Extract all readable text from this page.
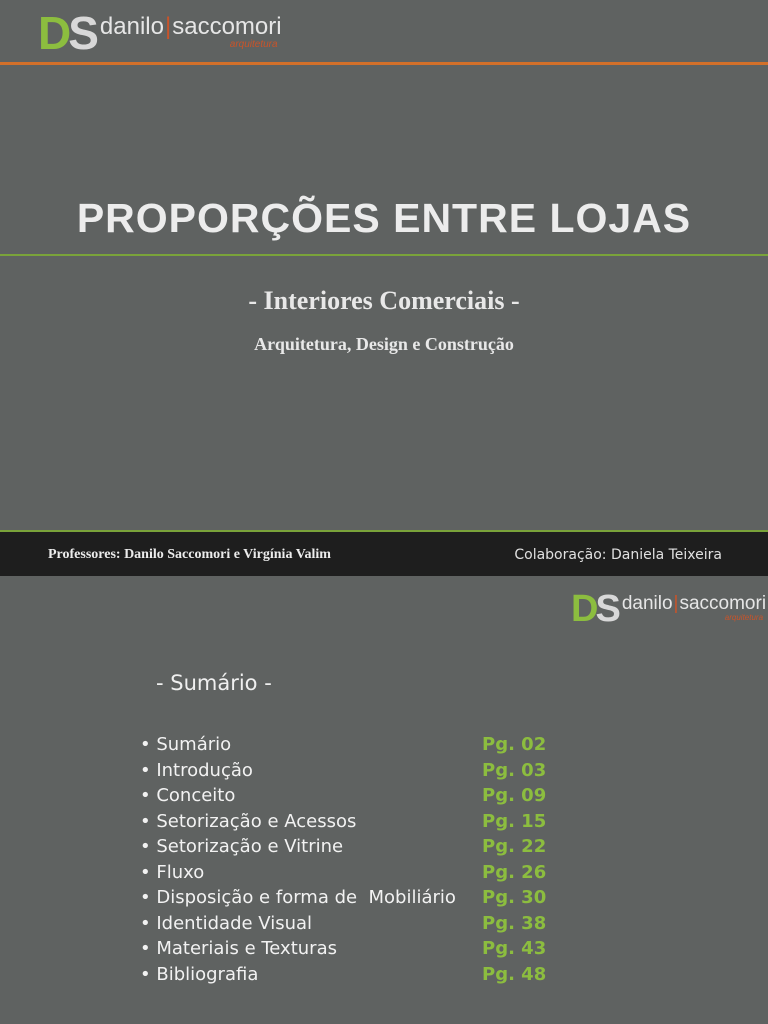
DS danilo|saccomori
arquitetura
PROPORÇÕES ENTRE LOJAS
- Interiores Comerciais -
Arquitetura, Design e Construção
Professores: Danilo Saccomori e Virgínia Valim	Colaboração: Daniela Teixeira
DS danilo|saccomori
arquitetura
- Sumário -
• Sumário	Pg. 02
• Introdução	Pg. 03
• Conceito	Pg. 09
• Setorização e Acessos	Pg. 15
• Setorização e Vitrine	Pg. 22
• Fluxo	Pg. 26
• Disposição e forma de  Mobiliário Pg. 30
• Identidade Visual	Pg. 38
• Materiais e Texturas	Pg. 43
• Bibliografia	Pg. 48
